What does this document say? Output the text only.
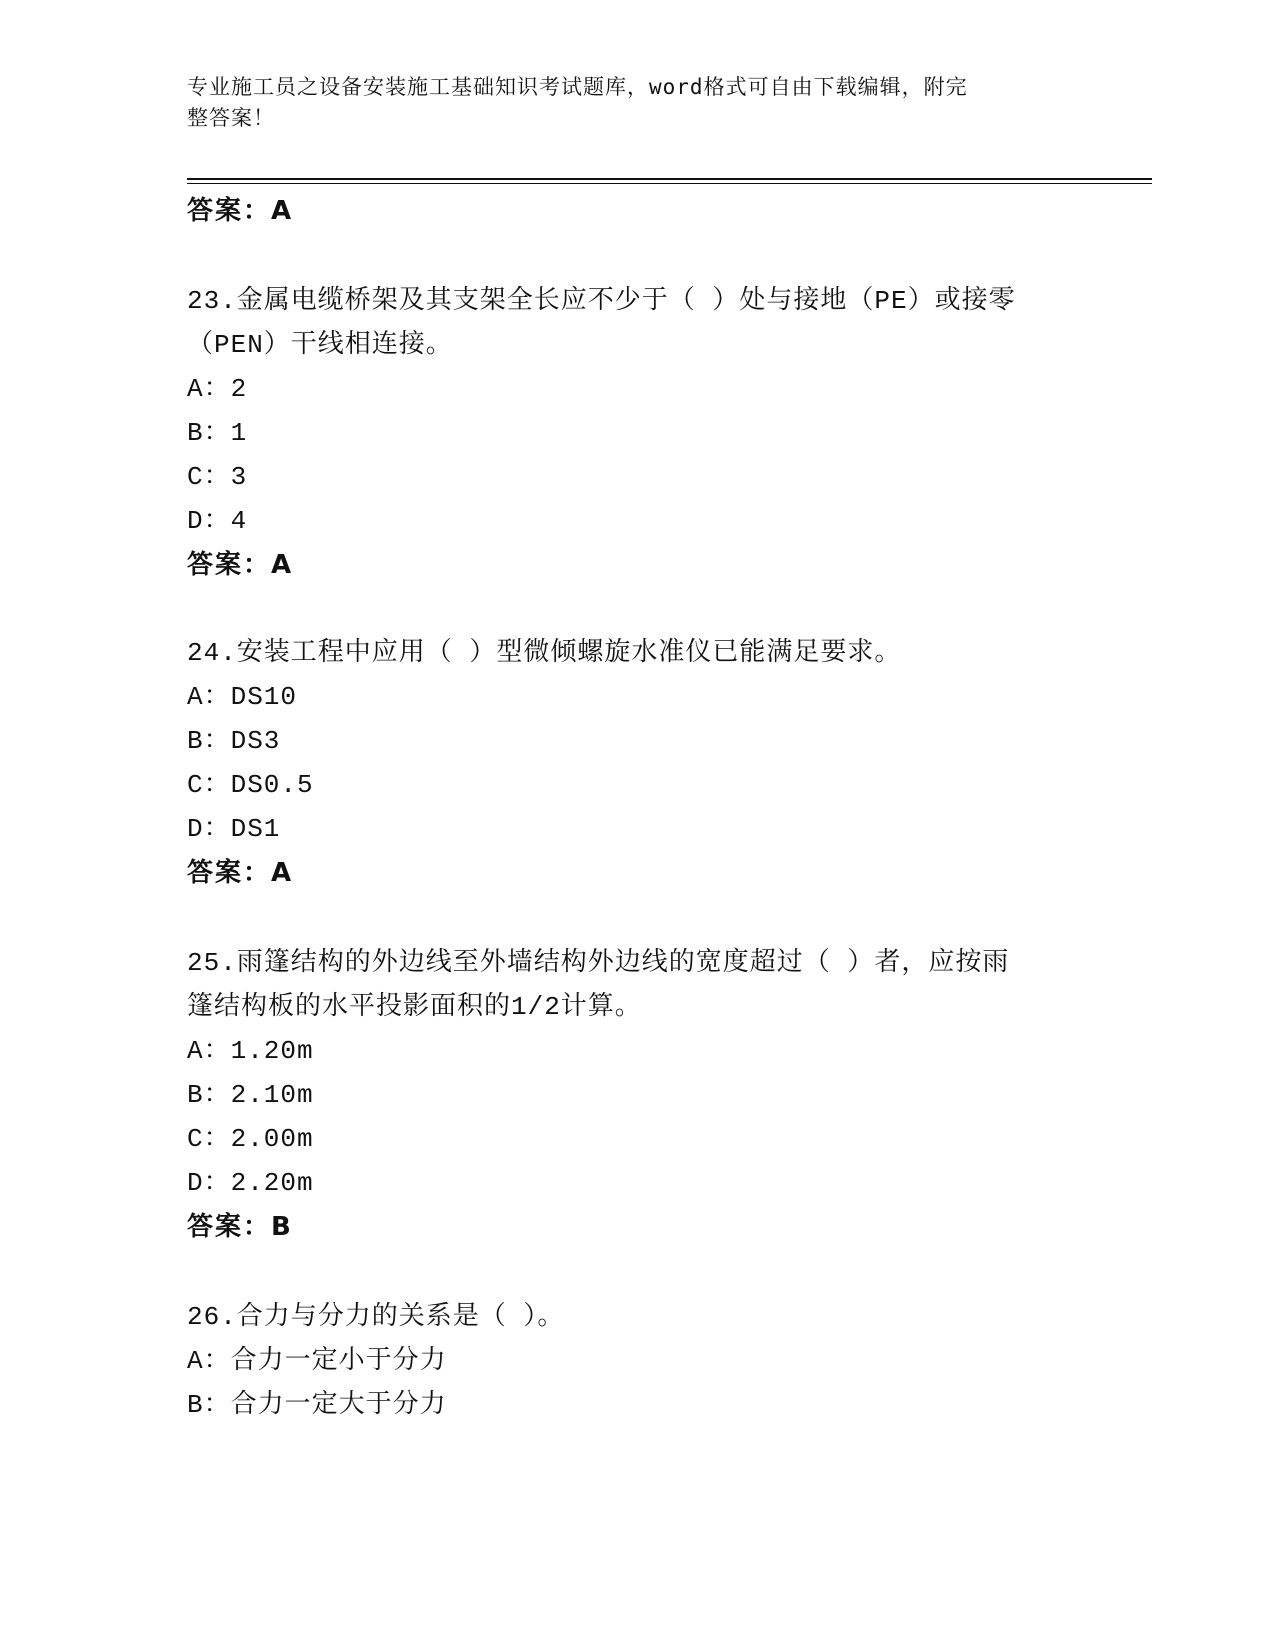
专业施工员之设备安装施工基础知识考试题库，word格式可自由下载编辑，附完
整答案！
答案：A
23.金属电缆桥架及其支架全长应不少于（ ）处与接地（PE）或接零
（PEN）干线相连接。
A：2
B：1
C：3
D：4
答案：A
24.安装工程中应用（ ）型微倾螺旋水准仪已能满足要求。
A：DS10
B：DS3
C：DS0.5
D：DS1
答案：A
25.雨篷结构的外边线至外墙结构外边线的宽度超过（ ）者，应按雨
篷结构板的水平投影面积的1/2计算。
A：1.20m
B：2.10m
C：2.00m
D：2.20m
答案：B
26.合力与分力的关系是（ ）。
A：合力一定小于分力
B：合力一定大于分力
